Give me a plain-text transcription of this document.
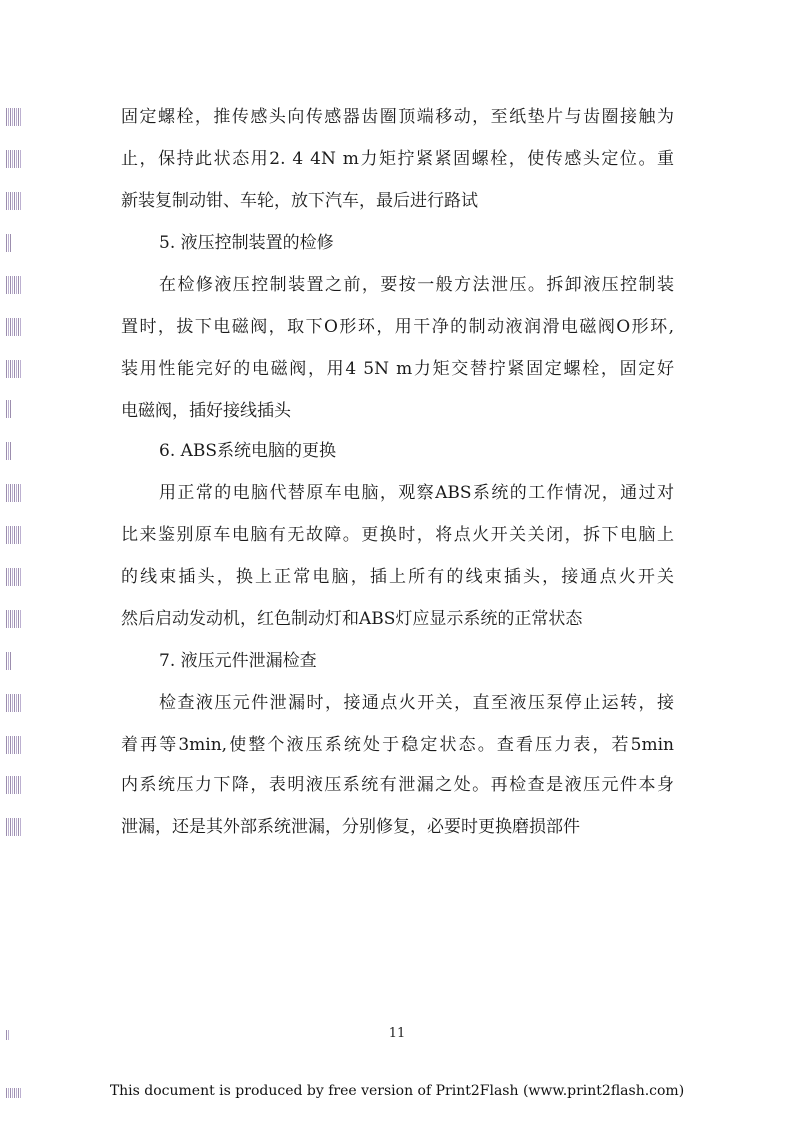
固定螺栓，推传感头向传感器齿圈顶端移动，至纸垫片与齿圈接触为
止，保持此状态用2. 4 4N m力矩拧紧紧固螺栓，使传感头定位。重
新装复制动钳、车轮，放下汽车，最后进行路试
5. 液压控制装置的检修
在检修液压控制装置之前，要按一般方法泄压。拆卸液压控制装
置时，拔下电磁阀，取下O形环，用干净的制动液润滑电磁阀O形环,
装用性能完好的电磁阀，用4 5N m力矩交替拧紧固定螺栓，固定好
电磁阀，插好接线插头
6. ABS系统电脑的更换
用正常的电脑代替原车电脑，观察ABS系统的工作情况，通过对
比来鉴别原车电脑有无故障。更换时，将点火开关关闭，拆下电脑上
的线束插头，换上正常电脑，插上所有的线束插头，接通点火开关
然后启动发动机，红色制动灯和ABS灯应显示系统的正常状态
7. 液压元件泄漏检查
检查液压元件泄漏时，接通点火开关，直至液压泵停止运转，接
着再等3min,使整个液压系统处于稳定状态。查看压力表，若5min
内系统压力下降，表明液压系统有泄漏之处。再检查是液压元件本身
泄漏，还是其外部系统泄漏，分别修复，必要时更换磨损部件
11
This document is produced by free version of Print2Flash (www.print2flash.com)
